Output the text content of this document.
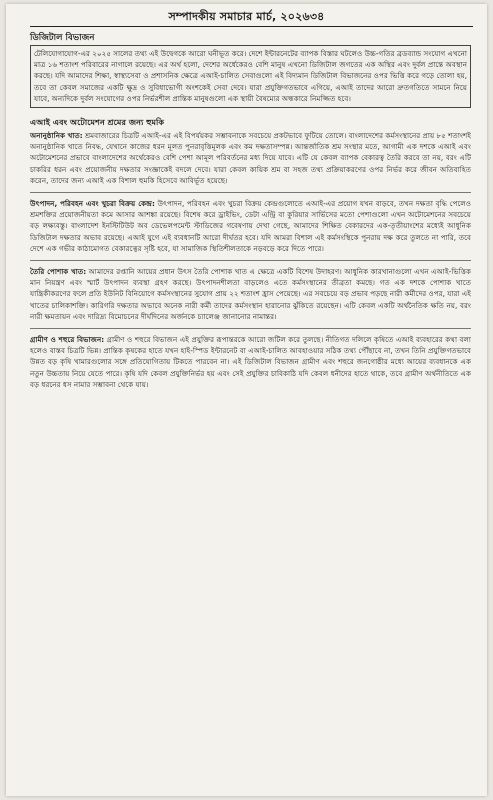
সম্পাদকীয় সমাচার মার্চ, ২০২৬৩৪
ডিজিটাল বিভাজন

টেলিযোগাযোগ-এর ২০২৫ সালের তথ্য এই উদ্বেগকে আরো ঘনীভূত করে। দেশে ইন্টারনেটের ব্যাপক বিস্তার ঘটলেও উচ্চ-গতির ব্রডব্যান্ড সংযোগ এখনো মাত্র ১৬ শতাংশ পরিবারের নাগালে রয়েছে। এর অর্থ হলো, দেশের অর্ধেকেরও বেশি মানুষ এখনো ডিজিটাল জগতের এক অস্থির এবং দুর্বল প্রান্তে অবস্থান করছে। যদি আমাদের শিক্ষা, স্বাস্থ্যসেবা ও প্রশাসনিক ক্ষেত্রে এআই-চালিত সেবাগুলো এই বিদ্যমান ডিজিটাল বিভাজনের ওপর ভিত্তি করে গড়ে তোলা হয়, তবে তা কেবল সমাজের একটি ক্ষুদ্র ও সুবিধাভোগী অংশকেই সেবা দেবে। যারা প্রযুক্তিগতভাবে এগিয়ে, এআই তাদের আরো দ্রুতগতিতে সামনে নিয়ে যাবে, অন্যদিকে দুর্বল সংযোগের ওপর নির্ভরশীল প্রান্তিক মানুষগুলো এক স্থায়ী বৈষম্যের অন্ধকারে নিমজ্জিত হবে।

এআই এবং অটোমেশন শ্রমের জন্য হুমকি

অনানুষ্ঠানিক খাত: শ্রমবাজারের চিত্রটি এআই-এর এই বিপর্যয়কর সম্ভাবনাকে সবচেয়ে প্রকটভাবে ফুটিয়ে তোলে। বাংলাদেশের কর্মসংস্থানের প্রায় ৮৫ শতাংশই অনানুষ্ঠানিক খাতে নিবদ্ধ, যেখানে কাজের ধরন মূলত পুনরাবৃত্তিমূলক এবং কম দক্ষতাসম্পন্ন। আন্তর্জাতিক শ্রম সংস্থার মতে, আগামী এক দশকে এআই এবং অটোমেশনের প্রভাবে বাংলাদেশের অর্থেকেরও বেশি পেশা আমূল পরিবর্তনের মধ্য দিয়ে যাবে। এটি যে কেবল ব্যাপক বেকারত্ব তৈরি করবে তা নয়, বরং এটি চাকরির ধরন এবং প্রয়োজনীয় দক্ষতার সংজ্ঞাকেই বদলে দেবে। যারা কেবল কায়িক শ্রম বা সহজ তথ্য প্রক্রিয়াকরণের ওপর নির্ভর করে জীবন অতিবাহিত করেন, তাদের জন্য এআই এক বিশাল হুমকি হিসেবে আবির্ভূত হয়েছে।

উৎপাদন, পরিবহন এবং খুচরা বিক্রয় কেন্দ্র: উৎপাদন, পরিবহন এবং খুচরা বিক্রয় কেন্দ্রগুলোতে এআই-এর প্রয়োগ যখন বাড়বে, তখন দক্ষতা বৃদ্ধি পেলেও শ্রমশক্তির প্রয়োজনীয়তা কমে আসার আশঙ্কা রয়েছে। বিশেষ করে ড্রাইভিং, ডেটা এন্ট্রি বা কুরিয়ার সার্ভিসের মতো পেশাগুলো এখন অটোমেশনের সবচেয়ে বড় লক্ষ্যবস্তু। বাংলাদেশ ইনস্টিটিউট অব ডেভেলপমেন্ট স্টাডিজের গবেষণায় দেখা গেছে, আমাদের শিক্ষিত বেকারদের এক-তৃতীয়াংশের মধ্যেই আধুনিক ডিজিটাল দক্ষতার অভাব রয়েছে। এআই যুগে এই ব্যবধানটি আরো দীর্ঘতর হবে। যদি আমরা বিশাল এই কর্মসংস্থিকে পুনরায় দক্ষ করে তুলতে না পারি, তবে দেশে এক গভীর কাঠামোগত বেকারত্বের সৃষ্টি হবে, যা সামাজিক স্থিতিশীলতাকে নড়বড়ে করে দিতে পারে।

তৈরি পোশাক খাত: আমাদের রপ্তানি আয়ের প্রধান উৎস তৈরি পোশাক খাত এ ক্ষেত্রে একটি বিশেষ উদাহরণ। আধুনিক কারখানাগুলো এখন এআই-ভিত্তিক মান নিয়ন্ত্রণ এবং স্মার্ট উৎপাদন ব্যবস্থা গ্রহণ করছে। উৎপাদনশীলতা বাড়লেও এতে কর্মসংস্থানের তীব্রতা কমছে। গত এক দশকে পোশাক খাতে যান্ত্রিকীকরণের ফলে প্রতি ইউনিট বিনিয়োগে কর্মসংস্থানের সুযোগ প্রায় ২২ শতাংশ হ্রাস পেয়েছে। এর সবচেয়ে বড় প্রভাব পড়ছে নারী কর্মীদের ওপর, যারা এই খাতের চালিকাশক্তি। কারিগরি দক্ষতার অভাবে অনেক নারী কর্মী তাদের কর্মসংস্থান হারানোর ঝুঁকিতে রয়েছেন। এটি কেবল একটি অর্থনৈতিক ক্ষতি নয়, বরং নারী ক্ষমতায়ন এবং দারিদ্র্য বিমোচনের দীর্ঘদিনের অর্জনকে চ্যালেঞ্জ জানানোর নামান্তর।

গ্রামীণ ও শহুরে বিভাজন: গ্রামীণ ও শহুরে বিভাজন এই প্রযুক্তির রূপান্তরকে আরো জটিল করে তুলছে। নীতিগত দলিলে কৃষিতে এআই ব্যবহারের কথা বলা হলেও বাস্তব চিত্রটি ভিন্ন। প্রান্তিক কৃষকের হাতে যখন হাই-স্পিড ইন্টারনেট বা এআই-চালিত আবহাওয়ার সঠিক তথ্য পৌঁছাবে না, তখন তিনি প্রযুক্তিগতভাবে উন্নত বড় কৃষি খামারগুলোর সঙ্গে প্রতিযোগিতায় টিকতে পারবেন না। এই ডিজিটাল বিভাজন গ্রামীণ এবং শহুরে জনগোষ্ঠীর মধ্যে আয়ের ব্যবধানকে এক নতুন উচ্চতায় নিয়ে যেতে পারে। কৃষি যদি কেবল প্রযুক্তিনির্ভর হয় এবং সেই প্রযুক্তির চাবিকাঠি যদি কেবল ধনীদের হাতে থাকে, তবে গ্রামীণ অর্থনীতিতে এক বড় ধরনের ধস নামার সম্ভাবনা থেকে যায়।
